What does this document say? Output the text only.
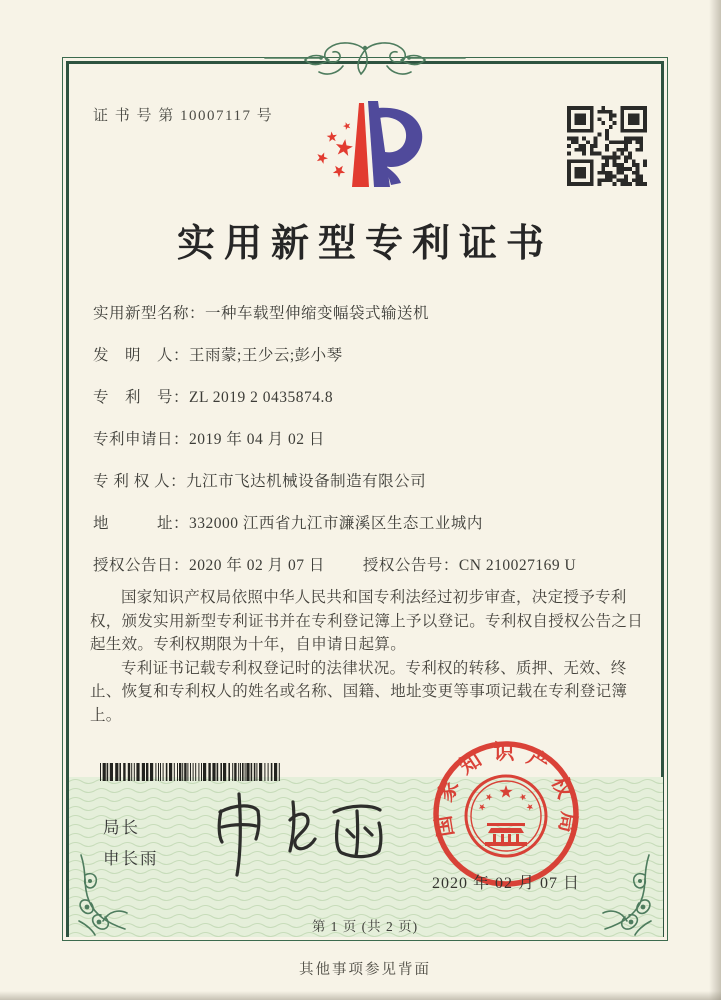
证 书 号 第 10007117 号
实用新型专利证书
实用新型名称：一种车载型伸缩变幅袋式输送机
发　明　人：王雨蒙;王少云;彭小琴
专　利　号：ZL 2019 2 0435874.8
专利申请日：2019 年 04 月 02 日
专 利 权 人：九江市飞达机械设备制造有限公司
地　　　址：332000 江西省九江市濂溪区生态工业城内
授权公告日：2020 年 02 月 07 日 授权公告号：CN 210027169 U

国家知识产权局依照中华人民共和国专利法经过初步审查，决定授予专利权，颁发实用新型专利证书并在专利登记簿上予以登记。专利权自授权公告之日起生效。专利权期限为十年，自申请日起算。

专利证书记载专利权登记时的法律状况。专利权的转移、质押、无效、终止、恢复和专利权人的姓名或名称、国籍、地址变更等事项记载在专利登记簿上。

局长
申长雨
国家知识产权局
2020 年 02 月 07 日
第 1 页 (共 2 页)
其他事项参见背面
